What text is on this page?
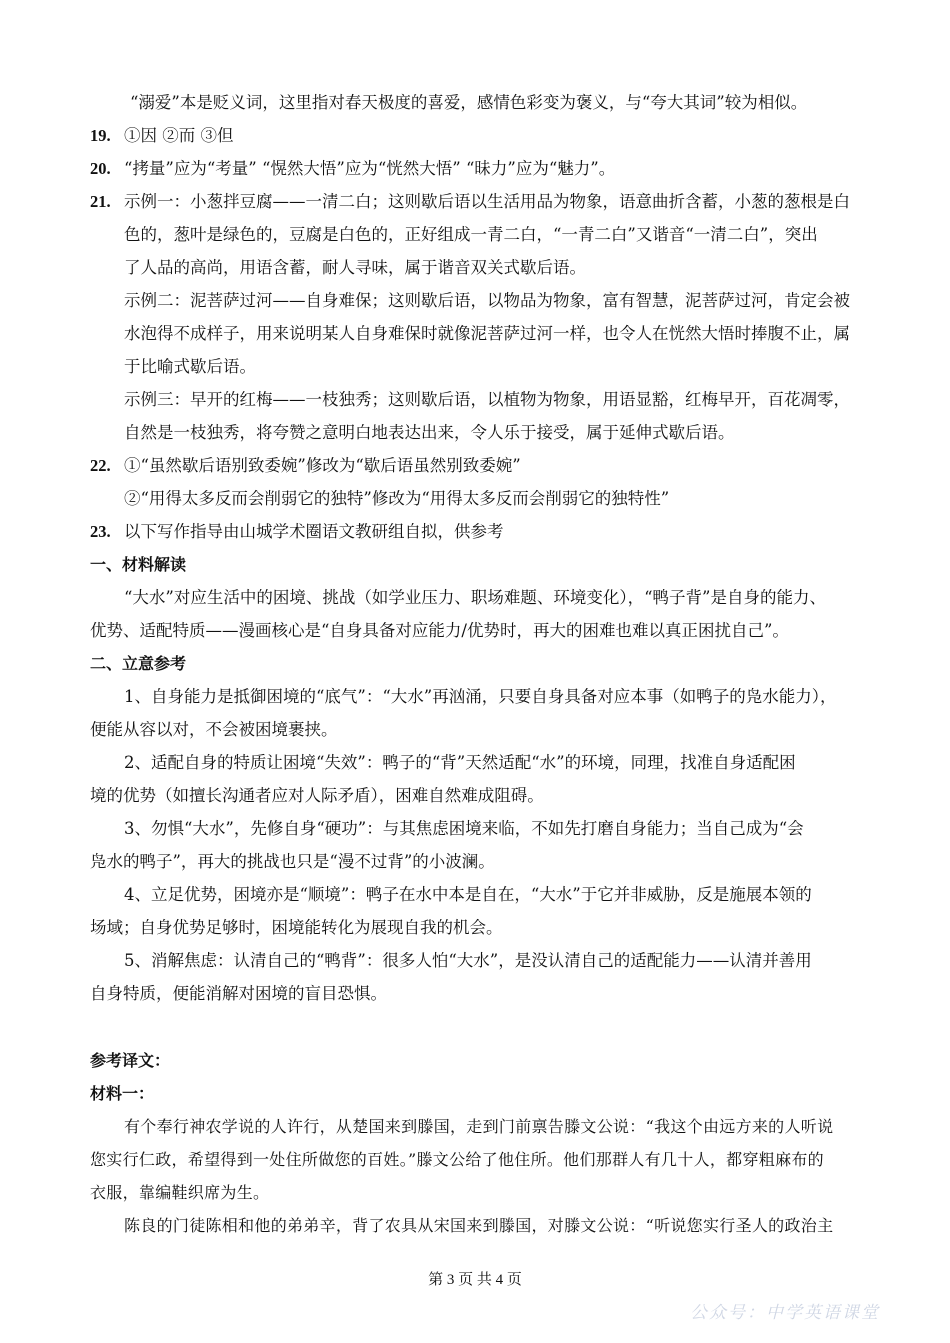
“溺爱”本是贬义词，这里指对春天极度的喜爱，感情色彩变为褒义，与“夸大其词”较为相似。
19. ①因 ②而 ③但
20. “拷量”应为“考量” “愰然大悟”应为“恍然大悟” “昧力”应为“魅力”。
21. 示例一：小葱拌豆腐——一清二白；这则歇后语以生活用品为物象，语意曲折含蓄，小葱的葱根是白
色的，葱叶是绿色的，豆腐是白色的，正好组成一青二白，“一青二白”又谐音“一清二白”，突出
了人品的高尚，用语含蓄，耐人寻味，属于谐音双关式歇后语。
示例二：泥菩萨过河——自身难保；这则歇后语，以物品为物象，富有智慧，泥菩萨过河，肯定会被
水泡得不成样子，用来说明某人自身难保时就像泥菩萨过河一样，也令人在恍然大悟时捧腹不止，属
于比喻式歇后语。
示例三：早开的红梅——一枝独秀；这则歇后语，以植物为物象，用语显豁，红梅早开，百花凋零，
自然是一枝独秀，将夸赞之意明白地表达出来，令人乐于接受，属于延伸式歇后语。
22. ①“虽然歇后语别致委婉”修改为“歇后语虽然别致委婉”
②“用得太多反而会削弱它的独特”修改为“用得太多反而会削弱它的独特性”
23. 以下写作指导由山城学术圈语文教研组自拟，供参考
一、材料解读
“大水”对应生活中的困境、挑战（如学业压力、职场难题、环境变化），“鸭子背”是自身的能力、
优势、适配特质——漫画核心是“自身具备对应能力/优势时，再大的困难也难以真正困扰自己”。
二、立意参考
1、自身能力是抵御困境的“底气”：“大水”再汹涌，只要自身具备对应本事（如鸭子的凫水能力），
便能从容以对，不会被困境裹挟。
2、适配自身的特质让困境“失效”：鸭子的“背”天然适配“水”的环境，同理，找准自身适配困
境的优势（如擅长沟通者应对人际矛盾），困难自然难成阻碍。
3、勿惧“大水”，先修自身“硬功”：与其焦虑困境来临，不如先打磨自身能力；当自己成为“会
凫水的鸭子”，再大的挑战也只是“漫不过背”的小波澜。
4、立足优势，困境亦是“顺境”：鸭子在水中本是自在，“大水”于它并非威胁，反是施展本领的
场域；自身优势足够时，困境能转化为展现自我的机会。
5、消解焦虑：认清自己的“鸭背”：很多人怕“大水”，是没认清自己的适配能力——认清并善用
自身特质，便能消解对困境的盲目恐惧。
参考译文：
材料一：
有个奉行神农学说的人许行，从楚国来到滕国，走到门前禀告滕文公说：“我这个由远方来的人听说
您实行仁政，希望得到一处住所做您的百姓。”滕文公给了他住所。他们那群人有几十人，都穿粗麻布的
衣服，靠编鞋织席为生。
陈良的门徒陈相和他的弟弟辛，背了农具从宋国来到滕国，对滕文公说：“听说您实行圣人的政治主
第 3 页 共 4 页
公众号：中学英语课堂
